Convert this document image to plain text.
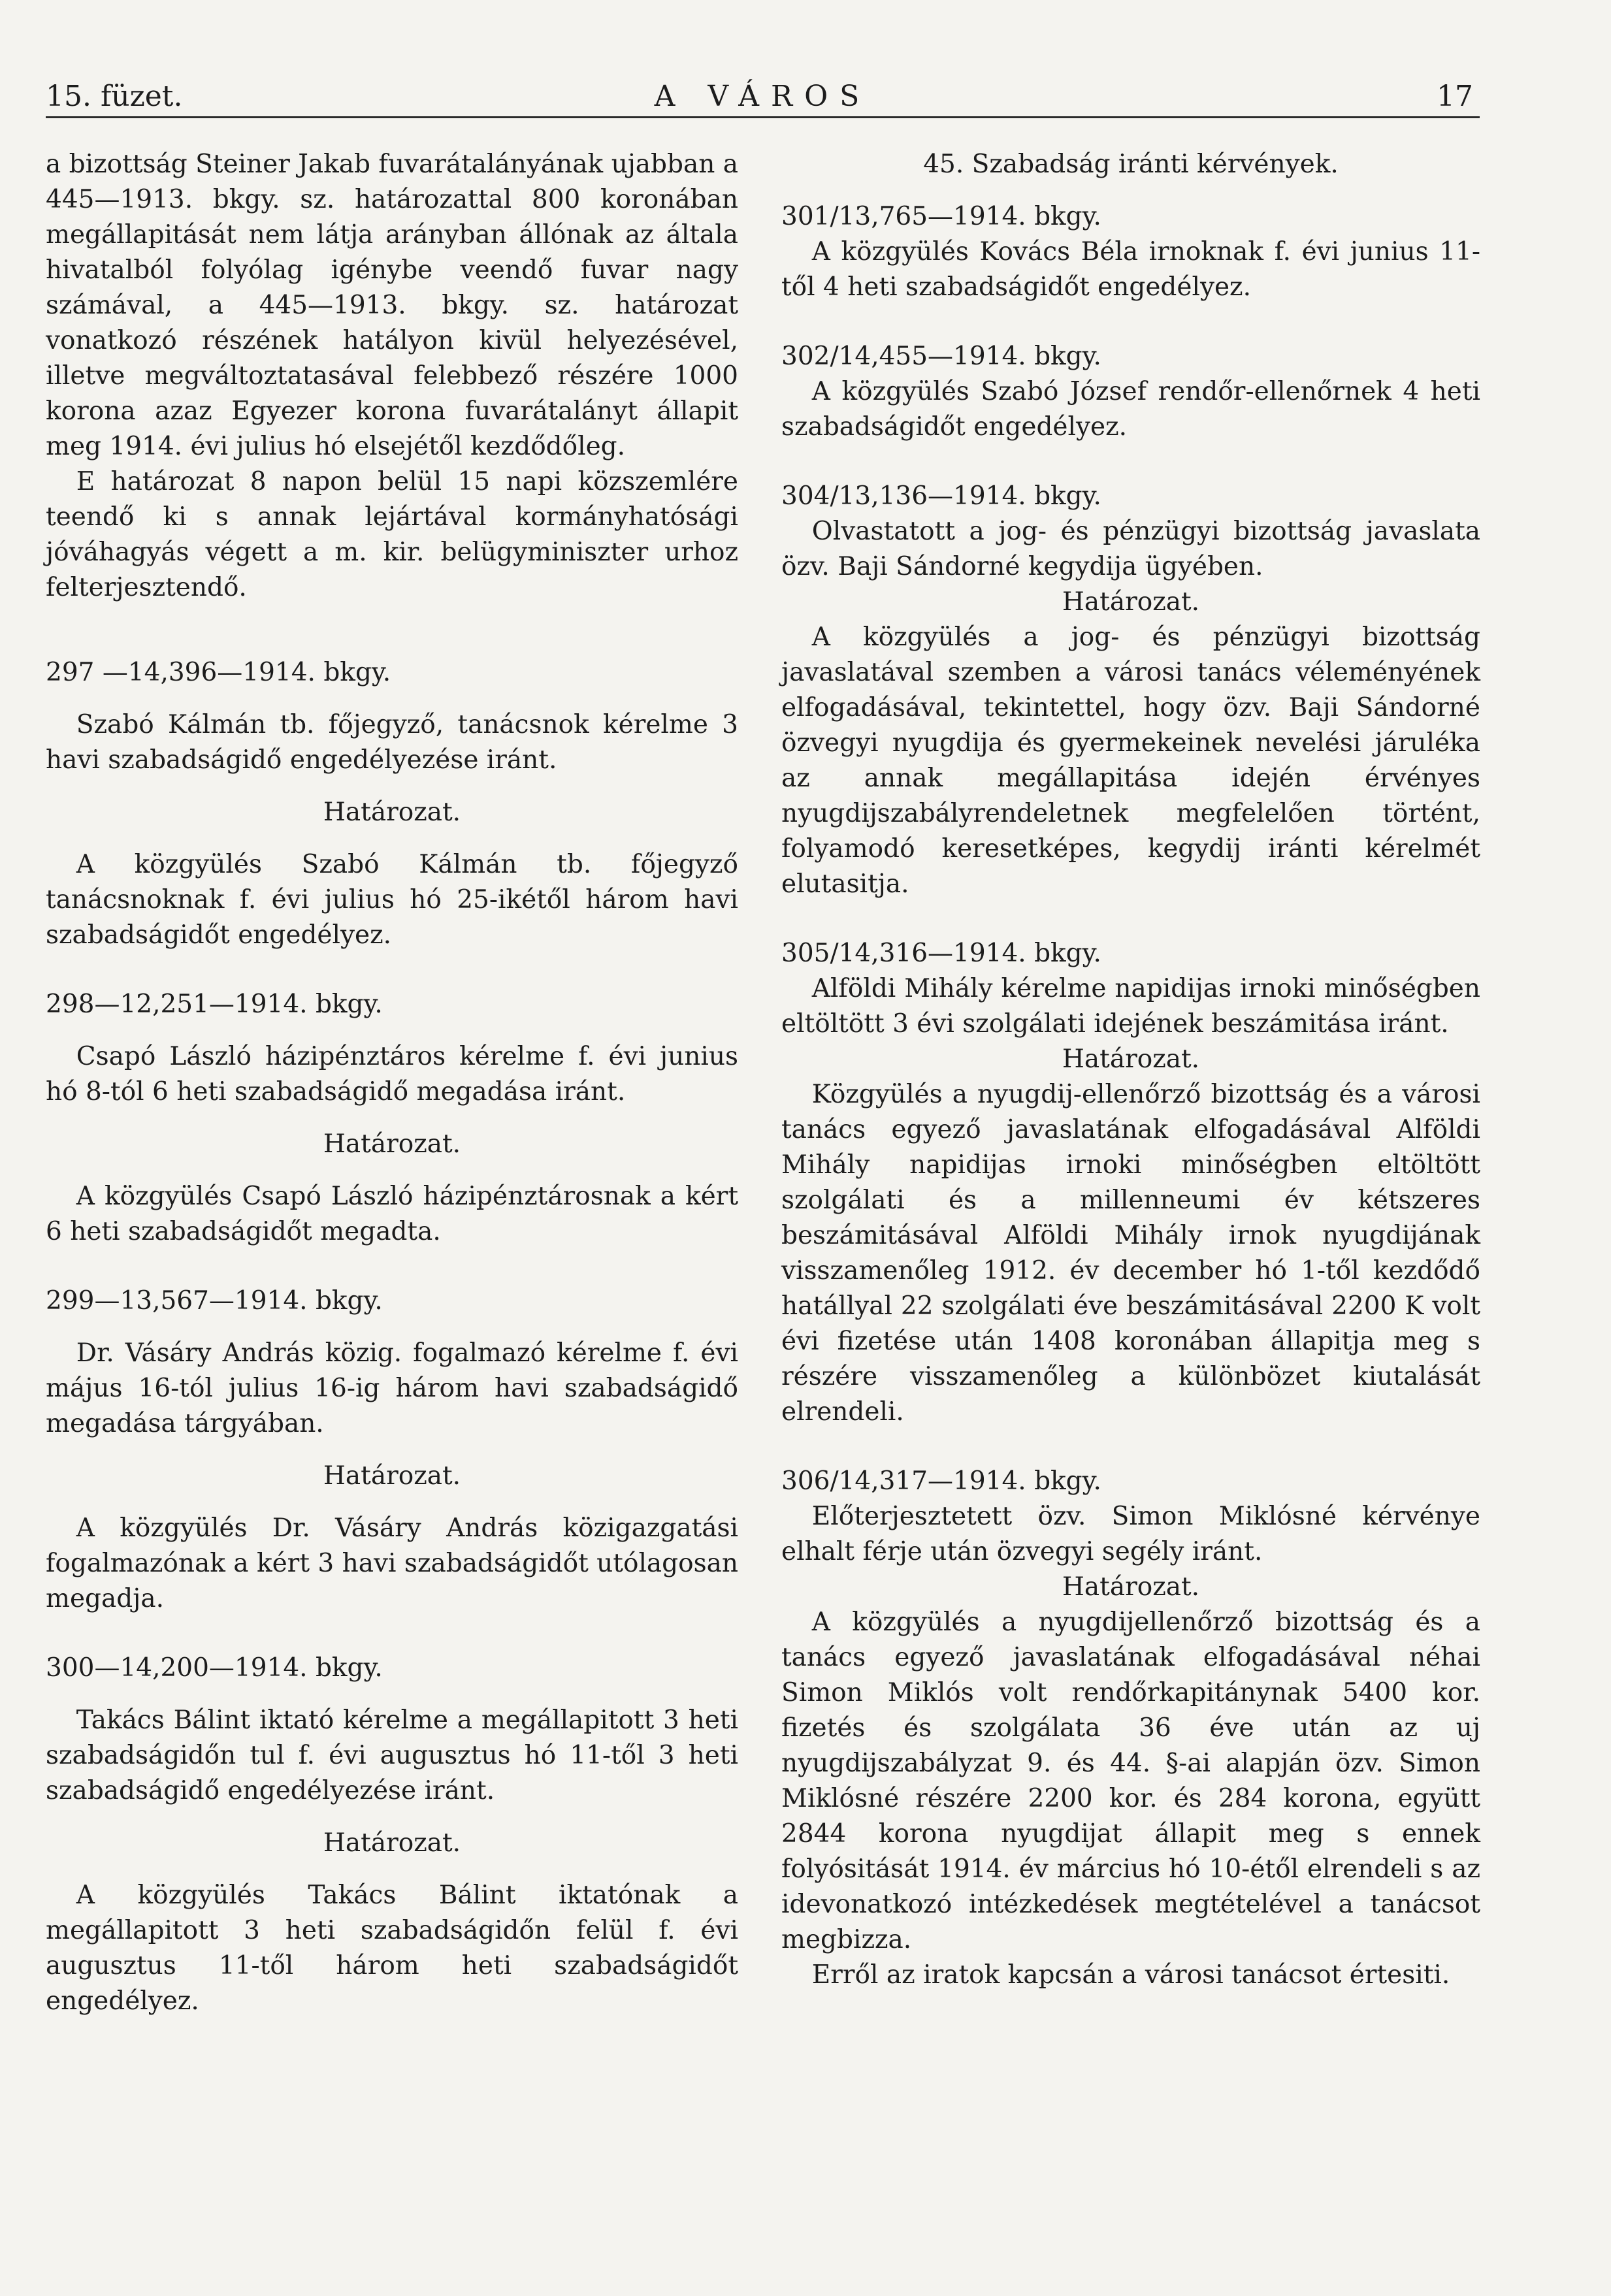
15. füzet.	A VÁROS	17

a bizottság Steiner Jakab fuvarátalányának ujabban a 445—1913. bkgy. sz. határozattal 800 koronában megállapitását nem látja arányban állónak az általa hivatalból folyólag igénybe veendő fuvar nagy számával, a 445—1913. bkgy. sz. határozat vonatkozó részének hatályon kivül helyezésével, illetve megváltoztatasával felebbező részére 1000 korona azaz Egyezer korona fuvarátalányt állapit meg 1914. évi julius hó elsejétől kezdődőleg.

E határozat 8 napon belül 15 napi közszemlére teendő ki s annak lejártával kormányhatósági jóváhagyás végett a m. kir. belügyminiszter urhoz felterjesztendő.

297 —14,396—1914. bkgy.

Szabó Kálmán tb. főjegyző, tanácsnok kérelme 3 havi szabadságidő engedélyezése iránt.

Határozat.

A közgyülés Szabó Kálmán tb. főjegyző tanácsnoknak f. évi julius hó 25-ikétől három havi szabadságidőt engedélyez.

298—12,251—1914. bkgy.

Csapó László házipénztáros kérelme f. évi junius hó 8-tól 6 heti szabadságidő megadása iránt.

Határozat.

A közgyülés Csapó László házipénztárosnak a kért 6 heti szabadságidőt megadta.

299—13,567—1914. bkgy.

Dr. Vásáry András közig. fogalmazó kérelme f. évi május 16-tól julius 16-ig három havi szabadságidő megadása tárgyában.

Határozat.

A közgyülés Dr. Vásáry András közigazgatási fogalmazónak a kért 3 havi szabadságidőt utólagosan megadja.

300—14,200—1914. bkgy.

Takács Bálint iktató kérelme a megállapitott 3 heti szabadságidőn tul f. évi augusztus hó 11-től 3 heti szabadságidő engedélyezése iránt.

Határozat.

A közgyülés Takács Bálint iktatónak a megállapitott 3 heti szabadságidőn felül f. évi augusztus 11-től három heti szabadságidőt engedélyez.

45. Szabadság iránti kérvények.

301/13,765—1914. bkgy.

A közgyülés Kovács Béla irnoknak f. évi junius 11-től 4 heti szabadságidőt engedélyez.

302/14,455—1914. bkgy.

A közgyülés Szabó József rendőr-ellenőrnek 4 heti szabadságidőt engedélyez.

304/13,136—1914. bkgy.

Olvastatott a jog- és pénzügyi bizottság javaslata özv. Baji Sándorné kegydija ügyében.

Határozat.

A közgyülés a jog- és pénzügyi bizottság javaslatával szemben a városi tanács véleményének elfogadásával, tekintettel, hogy özv. Baji Sándorné özvegyi nyugdija és gyermekeinek nevelési járuléka az annak megállapitása idején érvényes nyugdijszabályrendeletnek megfelelően történt, folyamodó keresetképes, kegydij iránti kérelmét elutasitja.

305/14,316—1914. bkgy.

Alföldi Mihály kérelme napidijas irnoki minőségben eltöltött 3 évi szolgálati idejének beszámitása iránt.

Határozat.

Közgyülés a nyugdij-ellenőrző bizottság és a városi tanács egyező javaslatának elfogadásával Alföldi Mihály napidijas irnoki minőségben eltöltött szolgálati és a millenneumi év kétszeres beszámitásával Alföldi Mihály irnok nyugdijának visszamenőleg 1912. év december hó 1-től kezdődő hatállyal 22 szolgálati éve beszámitásával 2200 K volt évi fizetése után 1408 koronában állapitja meg s részére visszamenőleg a különbözet kiutalását elrendeli.

306/14,317—1914. bkgy.

Előterjesztetett özv. Simon Miklósné kérvénye elhalt férje után özvegyi segély iránt.

Határozat.

A közgyülés a nyugdijellenőrző bizottság és a tanács egyező javaslatának elfogadásával néhai Simon Miklós volt rendőrkapitánynak 5400 kor. fizetés és szolgálata 36 éve után az uj nyugdijszabályzat 9. és 44. §-ai alapján özv. Simon Miklósné részére 2200 kor. és 284 korona, együtt 2844 korona nyugdijat állapit meg s ennek folyósitását 1914. év március hó 10-étől elrendeli s az idevonatkozó intézkedések megtételével a tanácsot megbizza.

Erről az iratok kapcsán a városi tanácsot értesiti.
